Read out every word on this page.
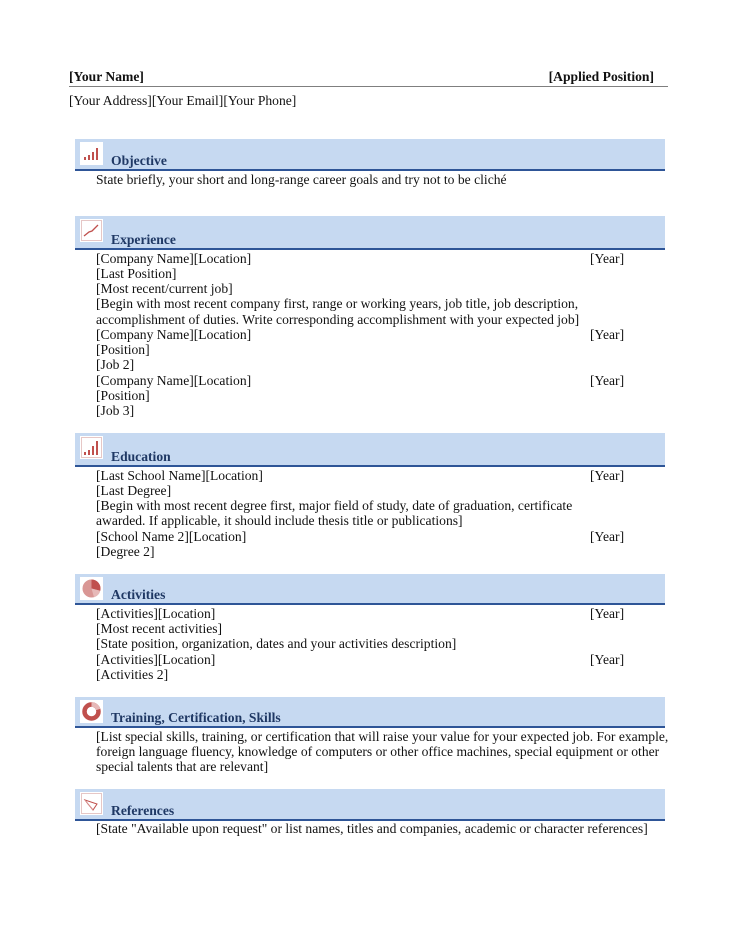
[Your Name]	[Applied Position]
[Your Address][Your Email][Your Phone]
Objective
State briefly, your short and long-range career goals and try not to be cliché
Experience
[Company Name][Location]	[Year]
[Last Position]
[Most recent/current job]
[Begin with most recent company first, range or working years, job title, job description,
accomplishment of duties. Write corresponding accomplishment with your expected job]
[Company Name][Location]	[Year]
[Position]
[Job 2]
[Company Name][Location]	[Year]
[Position]
[Job 3]
Education
[Last School Name][Location]	[Year]
[Last Degree]
[Begin with most recent degree first, major field of study, date of graduation, certificate
awarded. If applicable, it should include thesis title or publications]
[School Name 2][Location]	[Year]
[Degree 2]
Activities
[Activities][Location]	[Year]
[Most recent activities]
[State position, organization, dates and your activities description]
[Activities][Location]	[Year]
[Activities 2]
Training, Certification, Skills
[List special skills, training, or certification that will raise your value for your expected job. For example,
foreign language fluency, knowledge of computers or other office machines, special equipment or other
special talents that are relevant]
References
[State "Available upon request" or list names, titles and companies, academic or character references]
